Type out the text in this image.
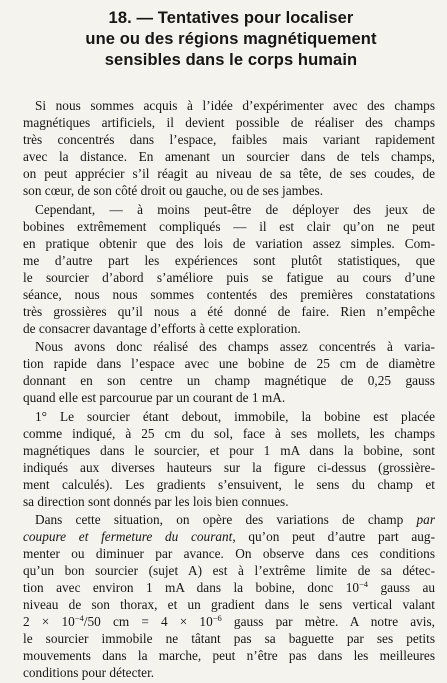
18. — Tentatives pour localiser
une ou des régions magnétiquement
sensibles dans le corps humain
Si nous sommes acquis à l’idée d’expérimenter avec des champs
magnétiques artificiels, il devient possible de réaliser des champs
très concentrés dans l’espace, faibles mais variant rapidement
avec la distance. En amenant un sourcier dans de tels champs,
on peut apprécier s’il réagit au niveau de sa tête, de ses coudes, de
son cœur, de son côté droit ou gauche, ou de ses jambes.
Cependant, — à moins peut-être de déployer des jeux de
bobines extrêmement compliqués — il est clair qu’on ne peut
en pratique obtenir que des lois de variation assez simples. Com-
me d’autre part les expériences sont plutôt statistiques, que
le sourcier d’abord s’améliore puis se fatigue au cours d’une
séance, nous nous sommes contentés des premières constatations
très grossières qu’il nous a été donné de faire. Rien n’empêche
de consacrer davantage d’efforts à cette exploration.
Nous avons donc réalisé des champs assez concentrés à varia-
tion rapide dans l’espace avec une bobine de 25 cm de diamètre
donnant en son centre un champ magnétique de 0,25 gauss
quand elle est parcourue par un courant de 1 mA.
1° Le sourcier étant debout, immobile, la bobine est placée
comme indiqué, à 25 cm du sol, face à ses mollets, les champs
magnétiques dans le sourcier, et pour 1 mA dans la bobine, sont
indiqués aux diverses hauteurs sur la figure ci-dessus (grossière-
ment calculés). Les gradients s’ensuivent, le sens du champ et
sa direction sont donnés par les lois bien connues.
Dans cette situation, on opère des variations de champ par
coupure et fermeture du courant, qu’on peut d’autre part aug-
menter ou diminuer par avance. On observe dans ces conditions
qu’un bon sourcier (sujet A) est à l’extrême limite de sa détec-
tion avec environ 1 mA dans la bobine, donc $10^{-4}$ gauss au
niveau de son thorax, et un gradient dans le sens vertical valant
$2 \times 10^{-4}/50$ cm = $4 \times 10^{-6}$ gauss par mètre. A notre avis,
le sourcier immobile ne tâtant pas sa baguette par ses petits
mouvements dans la marche, peut n’être pas dans les meilleures
conditions pour détecter.
